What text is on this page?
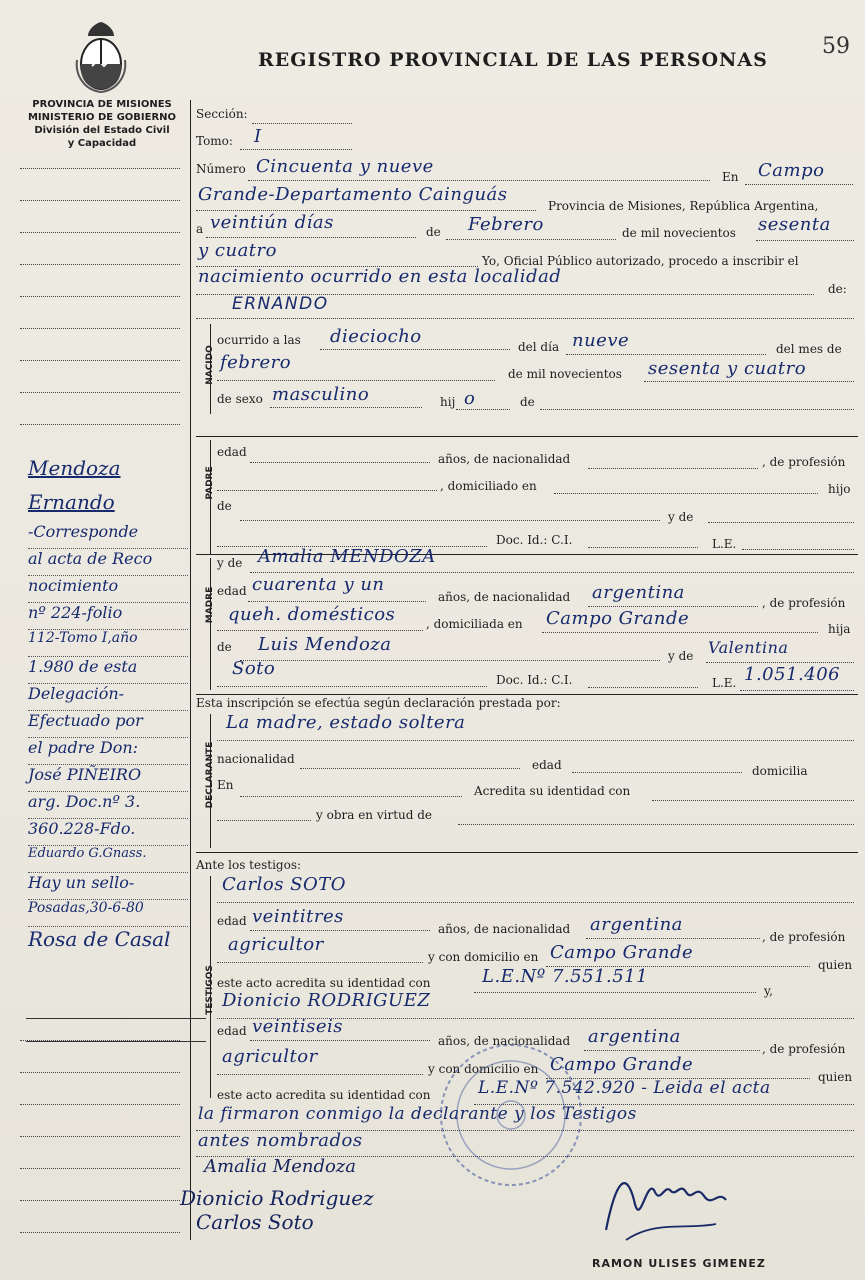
PROVINCIA DE MISIONES
MINISTERIO DE GOBIERNO
División del Estado Civil
y Capacidad
REGISTRO PROVINCIAL DE LAS PERSONAS
59
Sección:
Tomo: I
Número Cincuenta y nueve	En Campo
Grande-Departamento Cainguás
Provincia de Misiones, República Argentina,
a veintiún días	de Febrero	de mil novecientos sesenta
y cuatro	Yo, Oficial Público autorizado, procedo a inscribir el
nacimiento ocurrido en esta localidad
de:
ERNANDO
NACIDO
ocurrido a las dieciocho	del día nueve	del mes de
febrero
de mil novecientos sesenta y cuatro
de sexo masculino	hij o	de
PADRE
edad	años, de nacionalidad	, de profesión
, domiciliado en	hijo
de
y de
Doc. Id.: C.I.	L.E.
MADRE
y de Amalia MENDOZA
edad cuarenta y un
años, de nacionalidad argentina	, de profesión
queh. domésticos	, domiciliada en Campo Grande	hija
de Luis Mendoza
y de Valentina
Soto
Doc. Id.: C.I.	L.E. 1.051.406
Esta inscripción se efectúa según declaración prestada por:
DECLARANTE
La madre, estado soltera
nacionalidad	edad	domicilia
En	Acredita su identidad con
y obra en virtud de
Ante los testigos:
TESTIGOS
Carlos SOTO
edad veintitres
años, de nacionalidad argentina
, de profesión
agricultor
y con domicilio en Campo Grande
quien
este acto acredita su identidad con	L.E.Nº 7.551.511
y,
Dionicio RODRIGUEZ
edad veintiseis
años, de nacionalidad argentina
, de profesión
agricultor
y con domicilio en Campo Grande
quien
este acto acredita su identidad con	L.E.Nº 7.542.920 - Leida el acta
la firmaron conmigo la declarante y los Testigos
antes nombrados
Amalia Mendoza
Dionicio Rodriguez
Carlos Soto
RAMON ULISES GIMENEZ
Mendoza
Ernando
-Corresponde
al acta de Reco
nocimiento
nº 224-folio
112-Tomo I,año
1.980 de esta
Delegación-
Efectuado por
el padre Don:
José PIÑEIRO
arg. Doc.nº 3.
360.228-Fdo.
Eduardo G.Gnass.
Hay un sello-
Posadas,30-6-80
Rosa de Casal
